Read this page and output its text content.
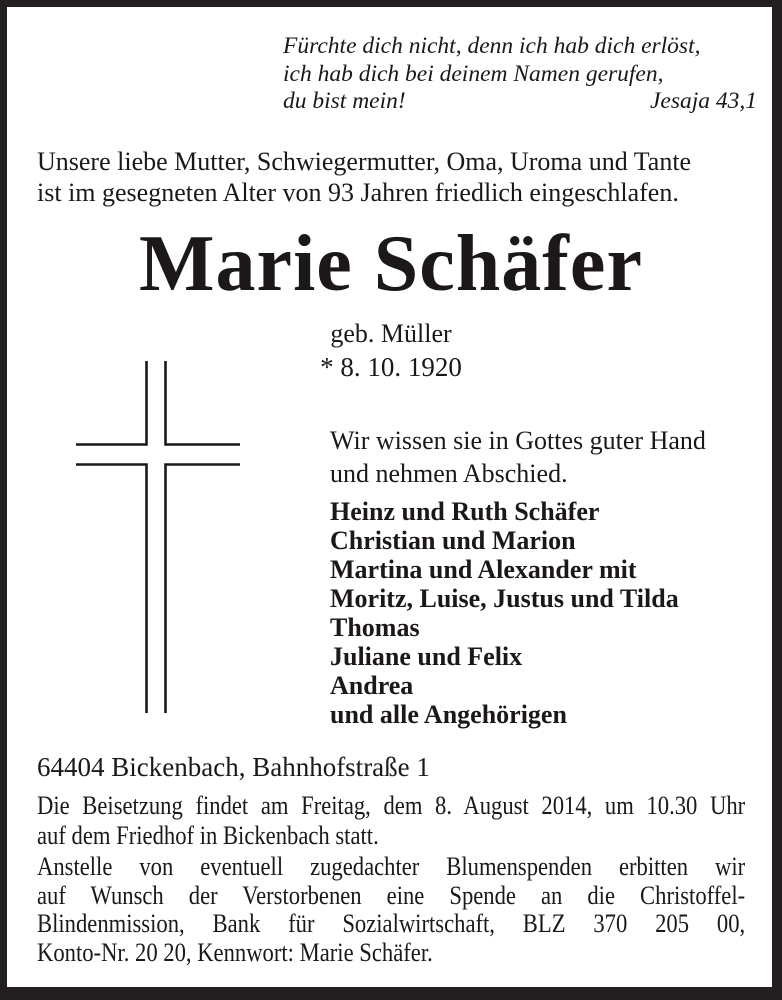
Fürchte dich nicht, denn ich hab dich erlöst,
ich hab dich bei deinem Namen gerufen,
du bist mein!	Jesaja 43,1
Unsere liebe Mutter, Schwiegermutter, Oma, Uroma und Tante
ist im gesegneten Alter von 93 Jahren friedlich eingeschlafen.
Marie Schäfer
geb. Müller
* 8. 10. 1920
Wir wissen sie in Gottes guter Hand
und nehmen Abschied.
Heinz und Ruth Schäfer
Christian und Marion
Martina und Alexander mit
Moritz, Luise, Justus und Tilda
Thomas
Juliane und Felix
Andrea
und alle Angehörigen
64404 Bickenbach, Bahnhofstraße 1
Die Beisetzung findet am Freitag, dem 8. August 2014, um 10.30 Uhr
auf dem Friedhof in Bickenbach statt.
Anstelle von eventuell zugedachter Blumenspenden erbitten wir
auf Wunsch der Verstorbenen eine Spende an die Christoffel-
Blindenmission, Bank für Sozialwirtschaft, BLZ 370 205 00,
Konto-Nr. 20 20, Kennwort: Marie Schäfer.
